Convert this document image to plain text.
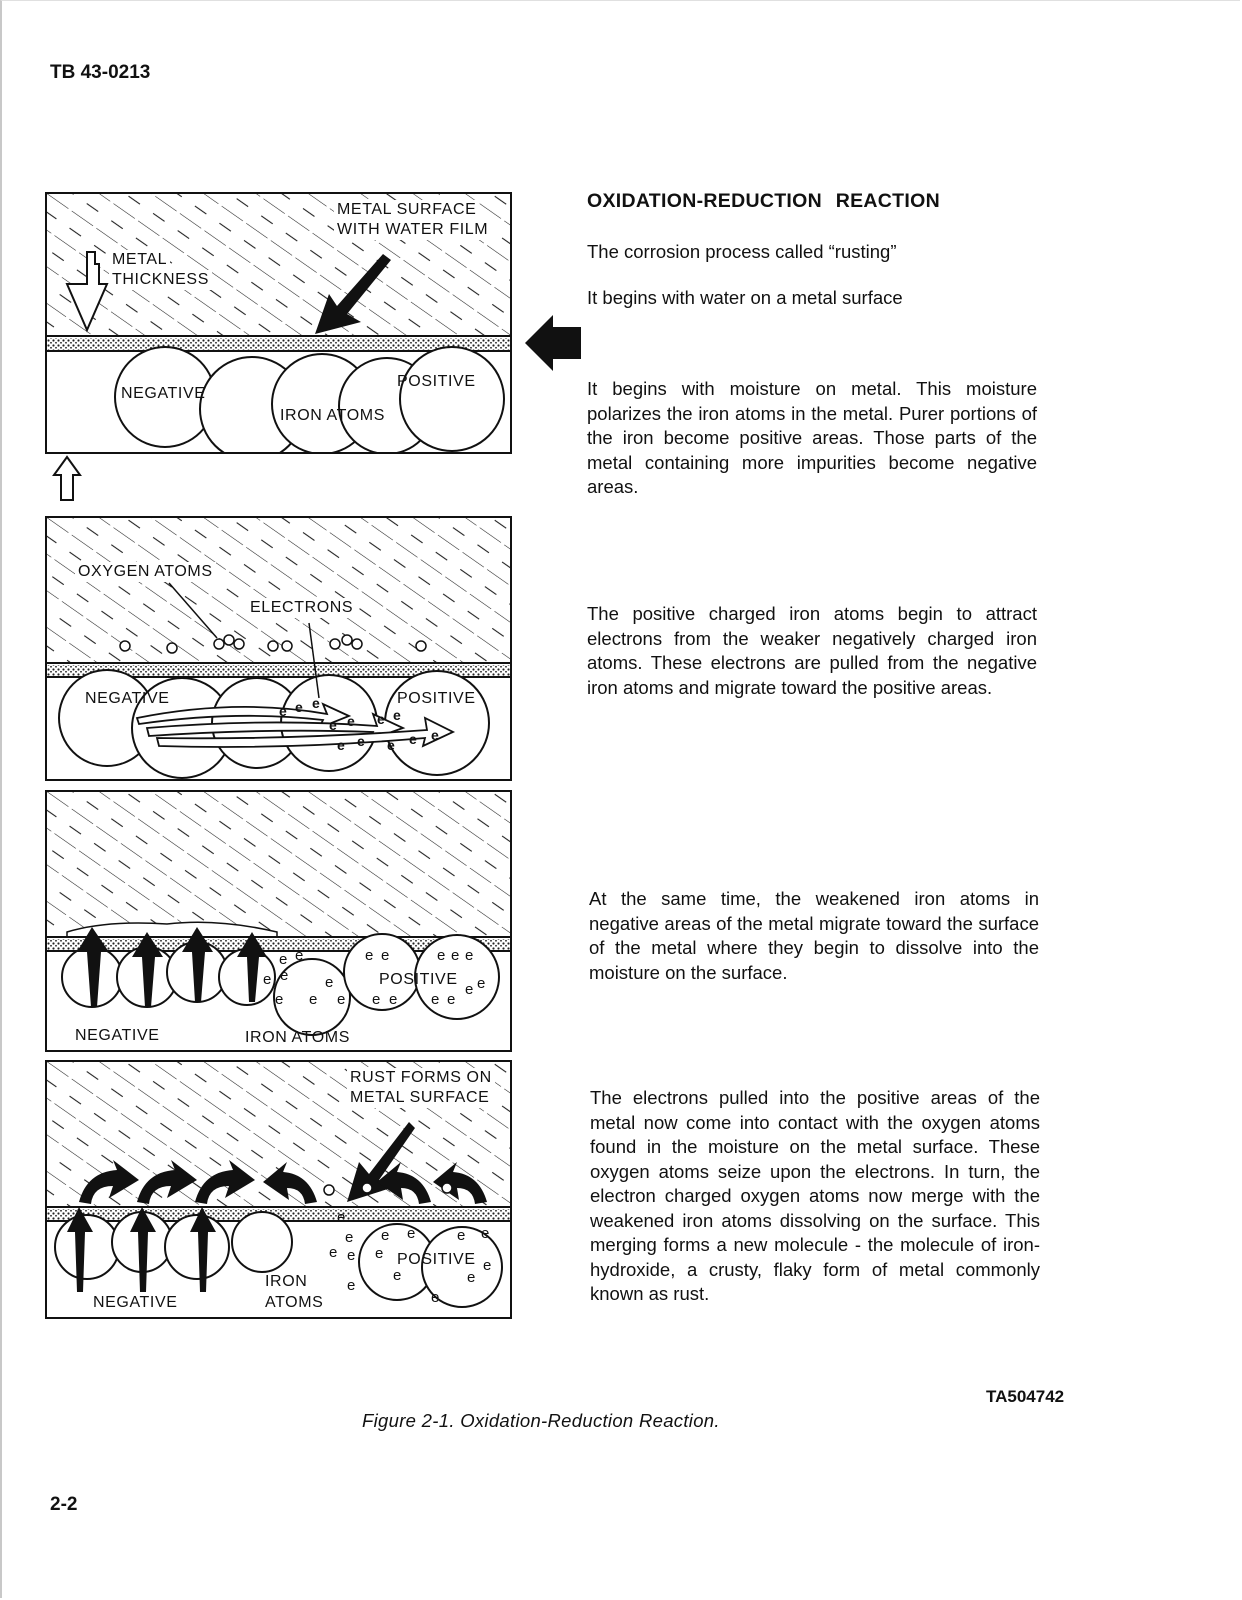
TB 43-0213
METAL SURFACE
WITH WATER FILM
METAL
THICKNESS
NEGATIVE
POSITIVE
IRON ATOMS
e e e
e e e e
e e e e e
OXYGEN ATOMS
ELECTRONS
NEGATIVE	POSITIVE
e e
e e
e e
e
e
e e	e e e
e e e e
e e
POSITIVE
NEGATIVE	IRON ATOMS
e
e
e e
e
e
e
e
e	e e
e
e
e
RUST FORMS ON
METAL SURFACE
POSITIVE
IRON
ATOMS
NEGATIVE
OXIDATION-REDUCTION REACTION
The corrosion process called “rusting”
It begins with water on a metal surface
It begins with moisture on metal. This moisture polarizes the iron atoms in the metal. Purer portions of the iron become positive areas. Those parts of the metal containing more impurities become negative areas.
The positive charged iron atoms begin to attract electrons from the weaker negatively charged iron atoms. These electrons are pulled from the negative iron atoms and migrate toward the positive areas.
At the same time, the weakened iron atoms in negative areas of the metal migrate toward the surface of the metal where they begin to dissolve into the moisture on the surface.
The electrons pulled into the positive areas of the metal now come into contact with the oxygen atoms found in the moisture on the metal surface. These oxygen atoms seize upon the electrons. In turn, the electron charged oxygen atoms now merge with the weakened iron atoms dissolving on the surface. This merging forms a new molecule - the molecule of iron-hydroxide, a crusty, flaky form of metal commonly known as rust.
TA504742
Figure 2-1. Oxidation-Reduction Reaction.
2-2
